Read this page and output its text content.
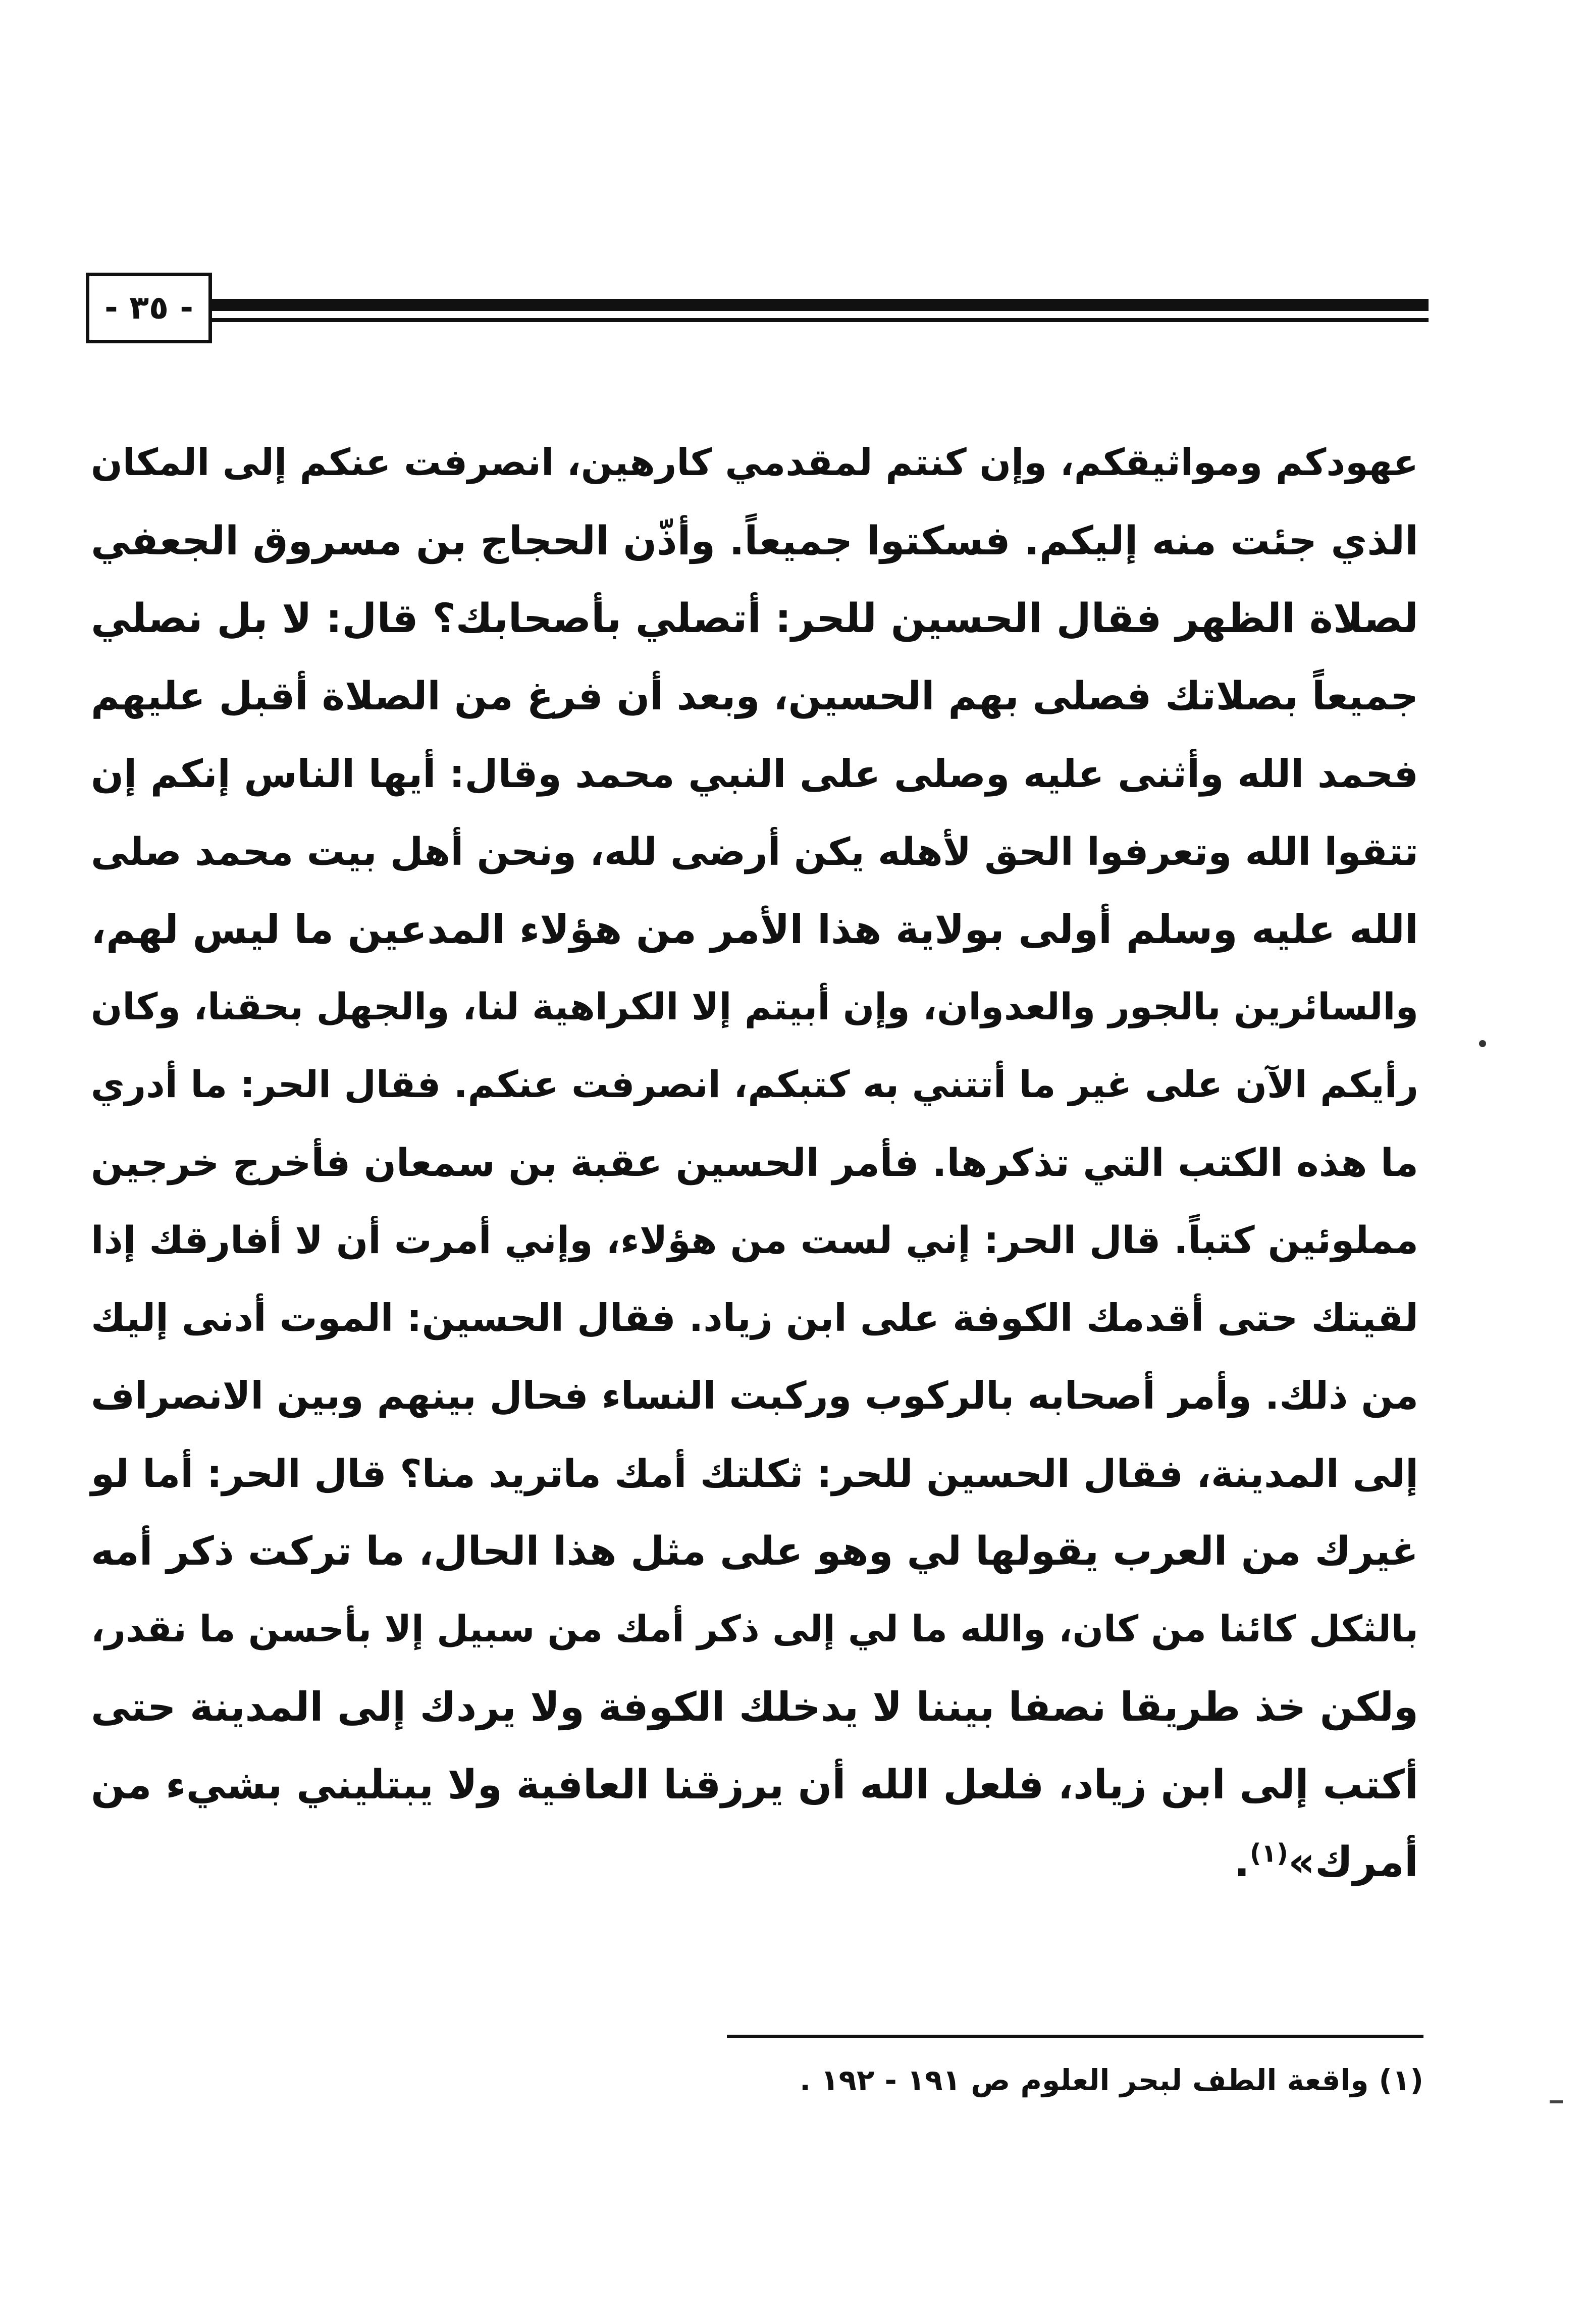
- ٣٥ -
عهودكم ومواثيقكم، وإن كنتم لمقدمي كارهين، انصرفت عنكم إلى المكان
الذي جئت منه إليكم. فسكتوا جميعاً. وأذّن الحجاج بن مسروق الجعفي
لصلاة الظهر فقال الحسين للحر: أتصلي بأصحابك؟ قال: لا بل نصلي
جميعاً بصلاتك فصلى بهم الحسين، وبعد أن فرغ من الصلاة أقبل عليهم
فحمد الله وأثنى عليه وصلى على النبي محمد وقال: أيها الناس إنكم إن
تتقوا الله وتعرفوا الحق لأهله يكن أرضى لله، ونحن أهل بيت محمد صلى
الله عليه وسلم أولى بولاية هذا الأمر من هؤلاء المدعين ما ليس لهم،
والسائرين بالجور والعدوان، وإن أبيتم إلا الكراهية لنا، والجهل بحقنا، وكان
رأيكم الآن على غير ما أتتني به كتبكم، انصرفت عنكم. فقال الحر: ما أدري
ما هذه الكتب التي تذكرها. فأمر الحسين عقبة بن سمعان فأخرج خرجين
مملوئين كتباً. قال الحر: إني لست من هؤلاء، وإني أمرت أن لا أفارقك إذا
لقيتك حتى أقدمك الكوفة على ابن زياد. فقال الحسين: الموت أدنى إليك
من ذلك. وأمر أصحابه بالركوب وركبت النساء فحال بينهم وبين الانصراف
إلى المدينة، فقال الحسين للحر: ثكلتك أمك ماتريد منا؟ قال الحر: أما لو
غيرك من العرب يقولها لي وهو على مثل هذا الحال، ما تركت ذكر أمه
بالثكل كائنا من كان، والله ما لي إلى ذكر أمك من سبيل إلا بأحسن ما نقدر،
ولكن خذ طريقا نصفا بيننا لا يدخلك الكوفة ولا يردك إلى المدينة حتى
أكتب إلى ابن زياد، فلعل الله أن يرزقنا العافية ولا يبتليني بشيء من
أمرك»$^{(١)}$.
(١) واقعة الطف لبحر العلوم ص ١٩١ - ١٩٢ .
